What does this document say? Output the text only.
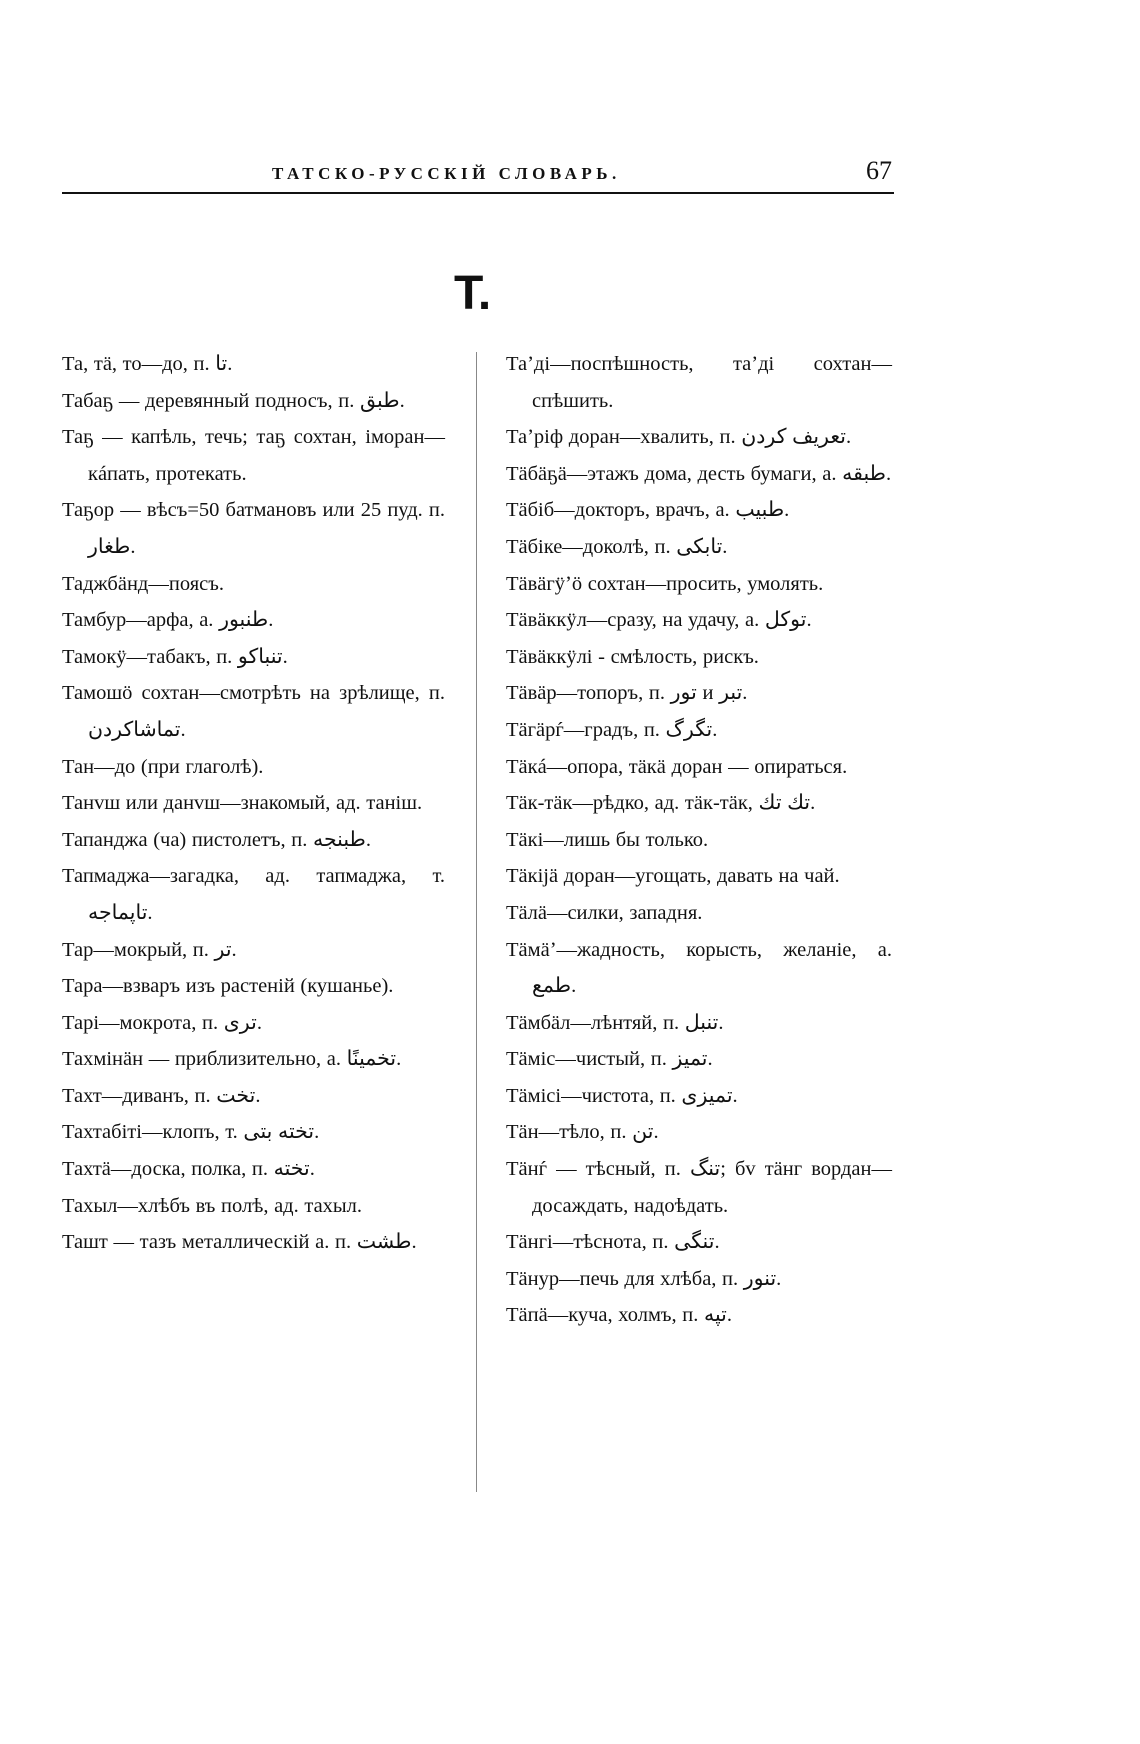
ТАТСКО-РУССКІЙ СЛОВАРЬ.	67
Т.

Та, тä, то—до, п. تا.

Табаҕ — деревянный подносъ, п. طبق.

Таҕ — капѣль, течь; таҕ сохтан, іморан—кáпать, протекать.

Таҕор — вѣсъ=50 батмановъ или 25 пуд. п. طغار.

Таджбäнд—поясъ.

Тамбур—арфа, а. طنبور.

Тамокӱ—табакъ, п. تنباكو.

Тамошӧ сохтан—смотрѣть на зрѣлище, п. تماشاكردن.

Тан—до (при глаголѣ).

Танvш или данvш—знакомый, ад. таніш.

Тапанджа (ча) пистолетъ, п. طبنجه.

Тапмаджа—загадка, ад. тапмаджа, т. تاپماجه.

Тар—мокрый, п. تر.

Тара—взваръ изъ растеній (кушанье).

Тарі—мокрота, п. ترى.

Тахмінäн — приблизительно, а. تخمينًا.

Тахт—диванъ, п. تخت.

Тахтабіті—клопъ, т. تخته بتى.

Тахтä—доска, полка, п. تخته.

Тахыл—хлѣбъ въ полѣ, ад. тахыл.

Ташт — тазъ металлическій а. п. طشت.

Таʼді—поспѣшность, таʼді сохтан—спѣшить.

Таʼріф доран—хвалить, п. تعريف كردن.

Тäбäҕä—этажъ дома, десть бумаги, а. طبقه.

Тäбіб—докторъ, врачъ, а. طبيب.

Тäбіке—доколѣ, п. تابكى.

Тäвäгӱʼӧ сохтан—просить, умолять.

Тäвäккӱл—сразу, на удачу, а. توكل.

Тäвäккӱлі - смѣлость, рискъ.

Тäвäр—топоръ, п. تور и تبر.

Тäгäрѓ—градъ, п. تگرگ.

Тäкá—опора, тäкä доран — опираться.

Тäк-тäк—рѣдко, ад. тäк-тäк, تك تك.

Тäкі—лишь бы только.

Тäкіјä доран—угощать, давать на чай.

Тäлä—силки, западня.

Тäмäʼ—жадность, корысть, желаніе, а. طمع.

Тäмбäл—лѣнтяй, п. تنبل.

Тäміс—чистый, п. تميز.

Тäмісі—чистота, п. تميزى.

Тäн—тѣло, п. تن.

Тäнѓ — тѣсный, п. تنگ; бv тäнг вордан—досаждать, надоѣдать.

Тäнгі—тѣснота, п. تنگى.

Тäнур—печь для хлѣба, п. تنور.

Тäпä—куча, холмъ, п. تپه.
